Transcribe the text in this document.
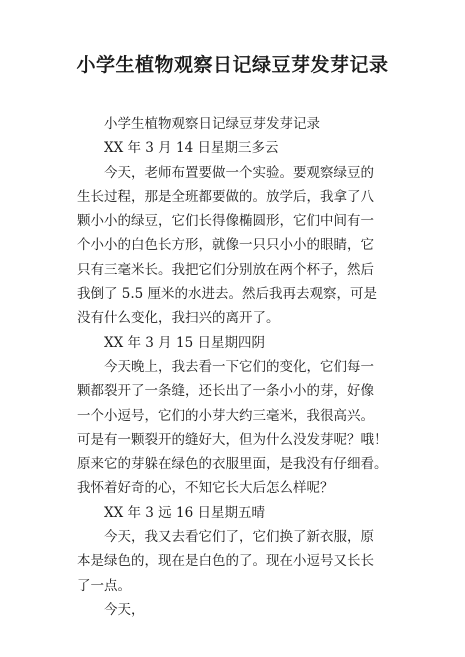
小学生植物观察日记绿豆芽发芽记录
小学生植物观察日记绿豆芽发芽记录
XX 年 3 月 14 日星期三多云
今天，老师布置要做一个实验。要观察绿豆的
生长过程，那是全班都要做的。放学后，我拿了八
颗小小的绿豆，它们长得像椭圆形，它们中间有一
个小小的白色长方形，就像一只只小小的眼睛，它
只有三毫米长。我把它们分别放在两个杯子，然后
我倒了 5.5 厘米的水进去。然后我再去观察，可是
没有什么变化，我扫兴的离开了。
XX 年 3 月 15 日星期四阴
今天晚上，我去看一下它们的变化，它们每一
颗都裂开了一条缝，还长出了一条小小的芽，好像
一个小逗号，它们的小芽大约三毫米，我很高兴。
可是有一颗裂开的缝好大，但为什么没发芽呢？哦！
原来它的芽躲在绿色的衣服里面，是我没有仔细看。
我怀着好奇的心，不知它长大后怎么样呢？
XX 年 3 远 16 日星期五晴
今天，我又去看它们了，它们换了新衣服，原
本是绿色的，现在是白色的了。现在小逗号又长长
了一点。
今天，
